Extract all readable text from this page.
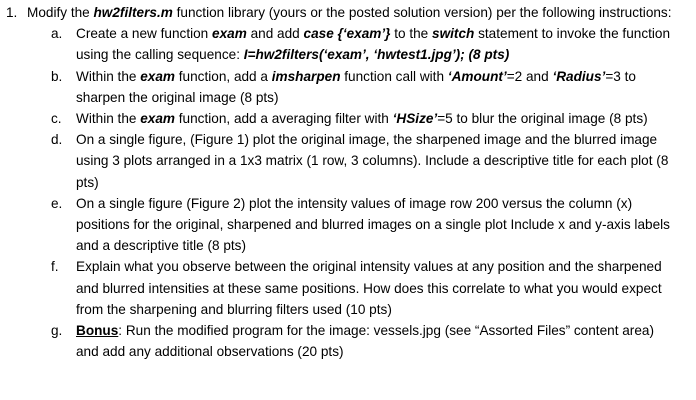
1. Modify the hw2filters.m function library (yours or the posted solution version) per the following instructions:
a.	Create a new function exam and add case {‘exam’} to the switch statement to invoke the function using the calling sequence: I=hw2filters(‘exam’, ‘hwtest1.jpg’); (8 pts)
b.	Within the exam function, add a imsharpen function call with ‘Amount’=2 and ‘Radius’=3 to sharpen the original image (8 pts)
c.	Within the exam function, add a averaging filter with ‘HSize’=5 to blur the original image (8 pts)
d.	On a single figure, (Figure 1) plot the original image, the sharpened image and the blurred image using 3 plots arranged in a 1x3 matrix (1 row, 3 columns). Include a descriptive title for each plot (8 pts)
e.	On a single figure (Figure 2) plot the intensity values of image row 200 versus the column (x) positions for the original, sharpened and blurred images on a single plot Include x and y-axis labels and a descriptive title (8 pts)
f.	Explain what you observe between the original intensity values at any position and the sharpened and blurred intensities at these same positions. How does this correlate to what you would expect from the sharpening and blurring filters used (10 pts)
g.	Bonus: Run the modified program for the image: vessels.jpg (see “Assorted Files” content area) and add any additional observations (20 pts)
